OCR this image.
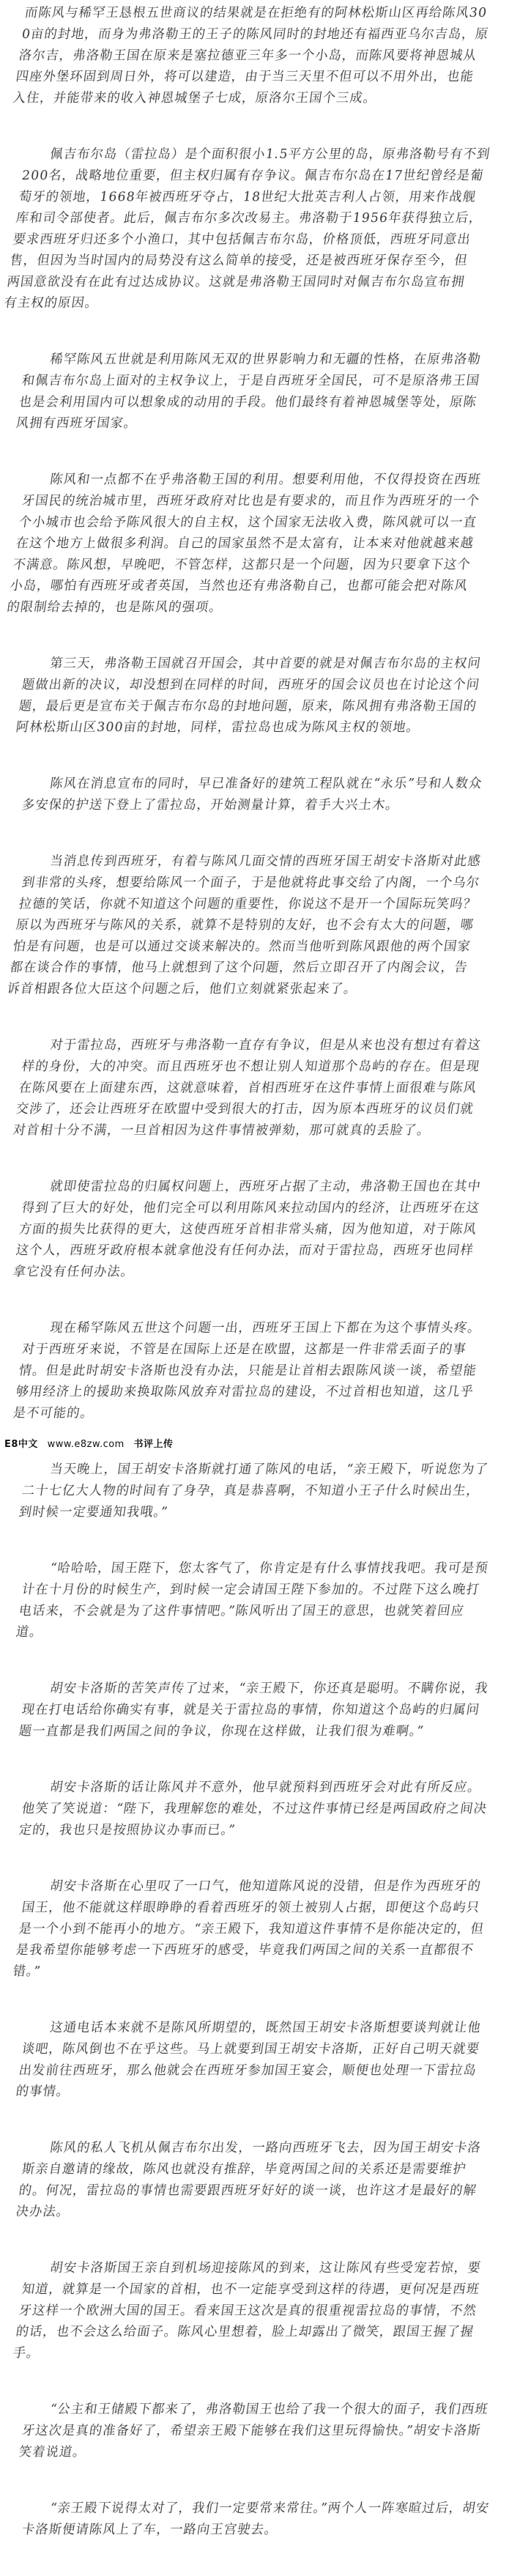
而陈风与稀罕王恳根五世商议的结果就是在拒绝有的阿林松斯山区再给陈风300亩的封地，而身为弗洛勒王的王子的陈风同时的封地还有福西亚乌尔吉岛，原洛尔吉，弗洛勒王国在原来是塞拉德亚三年多一个小岛，而陈风要将神恩城从四座外堡环固到周日外，将可以建造，由于当三天里不但可以不用外出，也能入住，并能带来的收入神恩城堡子七成，原洛尔王国个三成。

佩吉布尔岛（雷拉岛）是个面积很小1.5平方公里的岛，原弗洛勒号有不到200名，战略地位重要，但主权归属有存争议。佩吉布尔岛在17世纪曾经是葡萄牙的领地，1668年被西班牙夺占，18世纪大批英吉利人占领，用来作战舰库和司令部使者。此后，佩吉布尔多次改易主。弗洛勒于1956年获得独立后，要求西班牙归还多个小渔口，其中包括佩吉布尔岛，价格顶低，西班牙同意出售，但因为当时国内的局势没有这么简单的接受，还是被西班牙保存至今，但两国意欲没有在此有过达成协议。这就是弗洛勒王国同时对佩吉布尔岛宣布拥有主权的原因。

稀罕陈风五世就是利用陈风无双的世界影响力和无疆的性格，在原弗洛勒和佩吉布尔岛上面对的主权争议上，于是自西班牙全国民，可不是原洛弗王国也是会利用国内可以想象成的动用的手段。他们最终有着神恩城堡等处，原陈风拥有西班牙国家。

陈风和一点都不在乎弗洛勒王国的利用。想要利用他，不仅得投资在西班牙国民的统治城市里，西班牙政府对比也是有要求的，而且作为西班牙的一个个小城市也会给予陈风很大的自主权，这个国家无法收入费，陈风就可以一直在这个地方上做很多利润。自己的国家虽然不是太富有，让本来对他就越来越不满意。陈风想，早晚吧，不管怎样，这都只是一个问题，因为只要拿下这个小岛，哪怕有西班牙或者英国，当然也还有弗洛勒自己，也都可能会把对陈风的限制给去掉的，也是陈风的强项。

第三天，弗洛勒王国就召开国会，其中首要的就是对佩吉布尔岛的主权问题做出新的决议，却没想到在同样的时间，西班牙的国会议员也在讨论这个问题，最后更是宣布关于佩吉布尔岛的封地问题，原来，陈风拥有弗洛勒王国的阿林松斯山区300亩的封地，同样，雷拉岛也成为陈风主权的领地。

陈风在消息宣布的同时，早已准备好的建筑工程队就在“永乐”号和人数众多安保的护送下登上了雷拉岛，开始测量计算，着手大兴土木。

当消息传到西班牙，有着与陈风几面交情的西班牙国王胡安卡洛斯对此感到非常的头疼，想要给陈风一个面子，于是他就将此事交给了内阁，一个乌尔拉德的笑话，你就不知道这个问题的重要性，你说这不是开一个国际玩笑吗？原以为西班牙与陈风的关系，就算不是特别的友好，也不会有太大的问题，哪怕是有问题，也是可以通过交谈来解决的。然而当他听到陈风跟他的两个国家都在谈合作的事情，他马上就想到了这个问题，然后立即召开了内阁会议，告诉首相跟各位大臣这个问题之后，他们立刻就紧张起来了。

对于雷拉岛，西班牙与弗洛勒一直存有争议，但是从来也没有想过有着这样的身份，大的冲突。而且西班牙也不想让别人知道那个岛屿的存在。但是现在陈风要在上面建东西，这就意味着，首相西班牙在这件事情上面很难与陈风交涉了，还会让西班牙在欧盟中受到很大的打击，因为原本西班牙的议员们就对首相十分不满，一旦首相因为这件事情被弹劾，那可就真的丢脸了。

就即使雷拉岛的归属权问题上，西班牙占据了主动，弗洛勒王国也在其中得到了巨大的好处，他们完全可以利用陈风来拉动国内的经济，让西班牙在这方面的损失比获得的更大，这使西班牙首相非常头痛，因为他知道，对于陈风这个人，西班牙政府根本就拿他没有任何办法，而对于雷拉岛，西班牙也同样拿它没有任何办法。

现在稀罕陈风五世这个问题一出，西班牙王国上下都在为这个事情头疼。对于西班牙来说，不管是在国际上还是在欧盟，这都是一件非常丢面子的事情。但是此时胡安卡洛斯也没有办法，只能是让首相去跟陈风谈一谈，希望能够用经济上的援助来换取陈风放弃对雷拉岛的建设，不过首相也知道，这几乎是不可能的。

当天晚上，国王胡安卡洛斯就打通了陈风的电话，“亲王殿下，听说您为了二十七亿大人物的时间有了身孕，真是恭喜啊，不知道小王子什么时候出生，到时候一定要通知我哦。”

“哈哈哈，国王陛下，您太客气了，你肯定是有什么事情找我吧。我可是预计在十月份的时候生产，到时候一定会请国王陛下参加的。不过陛下这么晚打电话来，不会就是为了这件事情吧。”陈风听出了国王的意思，也就笑着回应道。

胡安卡洛斯的苦笑声传了过来，“亲王殿下，你还真是聪明。不瞒你说，我现在打电话给你确实有事，就是关于雷拉岛的事情，你知道这个岛屿的归属问题一直都是我们两国之间的争议，你现在这样做，让我们很为难啊。”

胡安卡洛斯的话让陈风并不意外，他早就预料到西班牙会对此有所反应。他笑了笑说道：“陛下，我理解您的难处，不过这件事情已经是两国政府之间决定的，我也只是按照协议办事而已。”

胡安卡洛斯在心里叹了一口气，他知道陈风说的没错，但是作为西班牙的国王，他不能就这样眼睁睁的看着西班牙的领土被别人占据，即便这个岛屿只是一个小到不能再小的地方。“亲王殿下，我知道这件事情不是你能决定的，但是我希望你能够考虑一下西班牙的感受，毕竟我们两国之间的关系一直都很不错。”

这通电话本来就不是陈风所期望的，既然国王胡安卡洛斯想要谈判就让他谈吧，陈风倒也不在乎这些。马上就要到国王胡安卡洛斯，正好自己明天就要出发前往西班牙，那么他就会在西班牙参加国王宴会，顺便也处理一下雷拉岛的事情。

陈风的私人飞机从佩吉布尔出发，一路向西班牙飞去，因为国王胡安卡洛斯亲自邀请的缘故，陈风也就没有推辞，毕竟两国之间的关系还是需要维护的。何况，雷拉岛的事情也需要跟西班牙好好的谈一谈，也许这才是最好的解决办法。

胡安卡洛斯国王亲自到机场迎接陈风的到来，这让陈风有些受宠若惊，要知道，就算是一个国家的首相，也不一定能享受到这样的待遇，更何况是西班牙这样一个欧洲大国的国王。看来国王这次是真的很重视雷拉岛的事情，不然的话，也不会这么给面子。陈风心里想着，脸上却露出了微笑，跟国王握了握手。

“公主和王储殿下都来了，弗洛勒国王也给了我一个很大的面子，我们西班牙这次是真的准备好了，希望亲王殿下能够在我们这里玩得愉快。”胡安卡洛斯笑着说道。

“亲王殿下说得太对了，我们一定要常来常往。”两个人一阵寒暄过后，胡安卡洛斯便请陈风上了车，一路向王宫驶去。

E8中文 www.e8zw.com 书评上传
